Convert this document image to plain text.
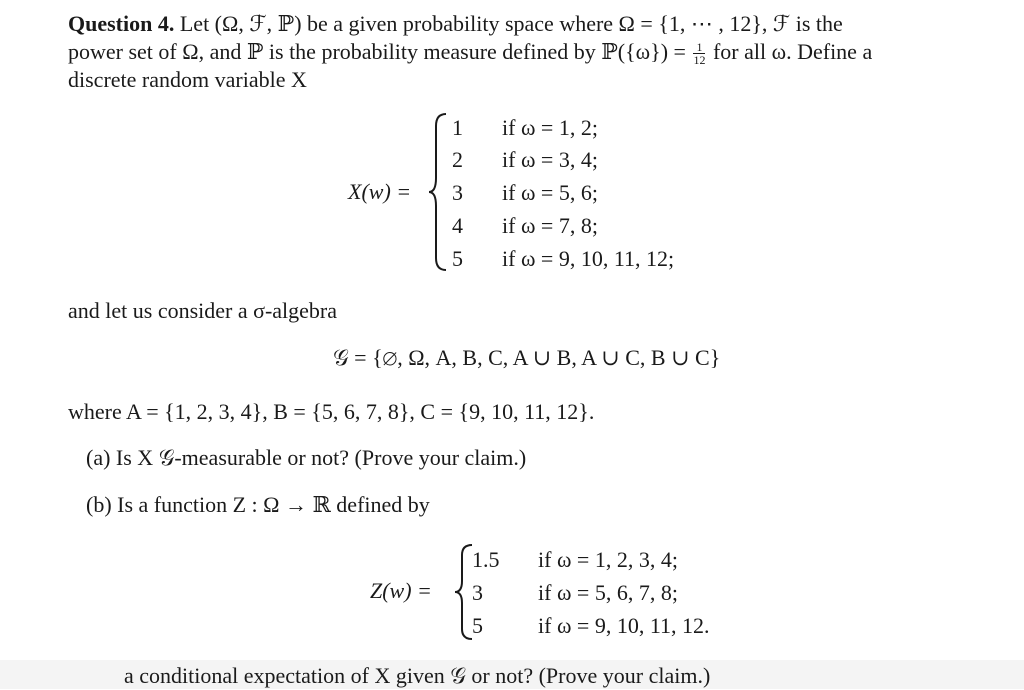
Question 4. Let (Ω, ℱ, ℙ) be a given probability space where Ω = {1, ⋯ , 12}, ℱ is the
power set of Ω, and ℙ is the probability measure defined by ℙ({ω}) = $\frac{1}{12}$ for all ω. Define a
discrete random variable X
X(w) =
1
2
3
4
5
if ω = 1, 2;
if ω = 3, 4;
if ω = 5, 6;
if ω = 7, 8;
if ω = 9, 10, 11, 12;
and let us consider a σ-algebra
𝒢 = {∅, Ω, A, B, C, A ∪ B, A ∪ C, B ∪ C}
where A = {1, 2, 3, 4}, B = {5, 6, 7, 8}, C = {9, 10, 11, 12}.
(a) Is X 𝒢-measurable or not? (Prove your claim.)
(b) Is a function Z : Ω → ℝ defined by
Z(w) =
1.5
3
5
if ω = 1, 2, 3, 4;
if ω = 5, 6, 7, 8;
if ω = 9, 10, 11, 12.
a conditional expectation of X given 𝒢 or not? (Prove your claim.)
